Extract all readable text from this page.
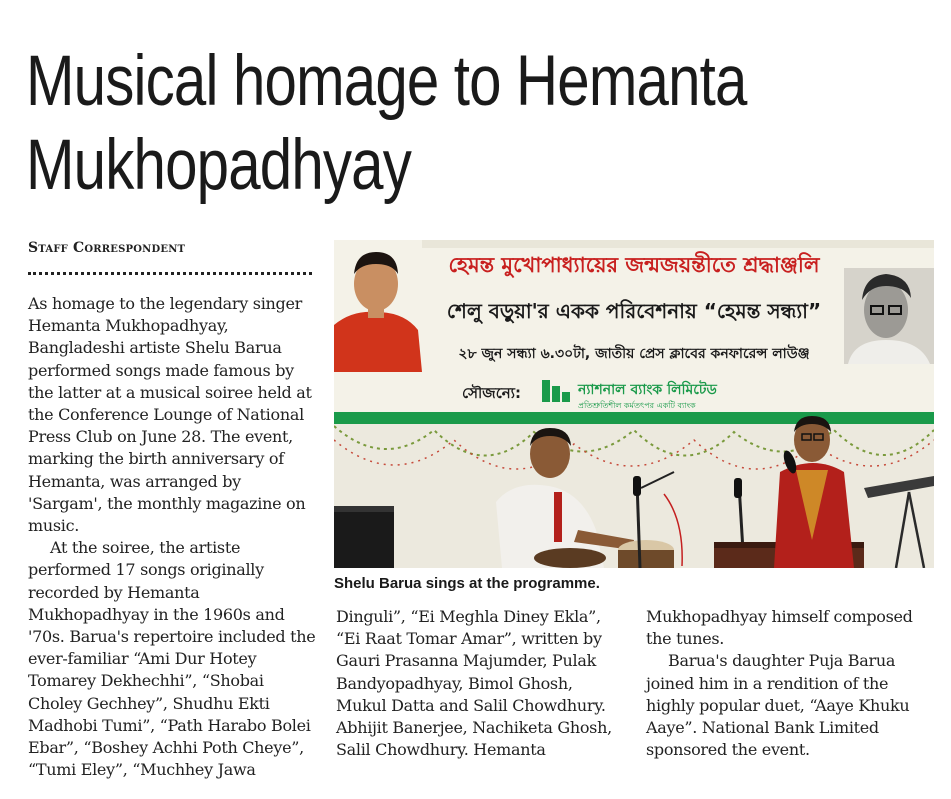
Musical homage to Hemanta
Mukhopadhyay
Staff Correspondent

As homage to the legendary singer Hemanta Mukhopadhyay, Bangladeshi artiste Shelu Barua performed songs made famous by the latter at a musical soiree held at the Conference Lounge of National Press Club on June 28. The event, marking the birth anniversary of Hemanta, was arranged by 'Sargam', the monthly magazine on music.

At the soiree, the artiste performed 17 songs originally recorded by Hemanta Mukhopadhyay in the 1960s and '70s. Barua's repertoire included the ever-familiar “Ami Dur Hotey Tomarey Dekhechhi”, “Shobai Choley Gechhey”, Shudhu Ekti Madhobi Tumi”, “Path Harabo Bolei Ebar”, “Boshey Achhi Poth Cheye”, “Tumi Eley”, “Muchhey Jawa

হেমন্ত মুখোপাধ্যায়ের জন্মজয়ন্তীতে শ্রদ্ধাঞ্জলি
শেলু বড়ুয়া'র একক পরিবেশনায় “হেমন্ত সন্ধ্যা”
২৮ জুন সন্ধ্যা ৬.৩০টা, জাতীয় প্রেস ক্লাবের কনফারেন্স লাউঞ্জ
সৌজন্যে:	ন্যাশনাল ব্যাংক লিমিটেড
প্রতিশ্রুতিশীল কর্মতৎপর একটি ব্যাংক
Shelu Barua sings at the programme.

Dinguli”, “Ei Meghla Diney Ekla”, “Ei Raat Tomar Amar”, written by Gauri Prasanna Majumder, Pulak Bandyopadhyay, Bimol Ghosh, Mukul Datta and Salil Chowdhury. Abhijit Banerjee, Nachiketa Ghosh, Salil Chowdhury. Hemanta

Mukhopadhyay himself composed the tunes.

Barua's daughter Puja Barua joined him in a rendition of the highly popular duet, “Aaye Khuku Aaye”. National Bank Limited sponsored the event.
